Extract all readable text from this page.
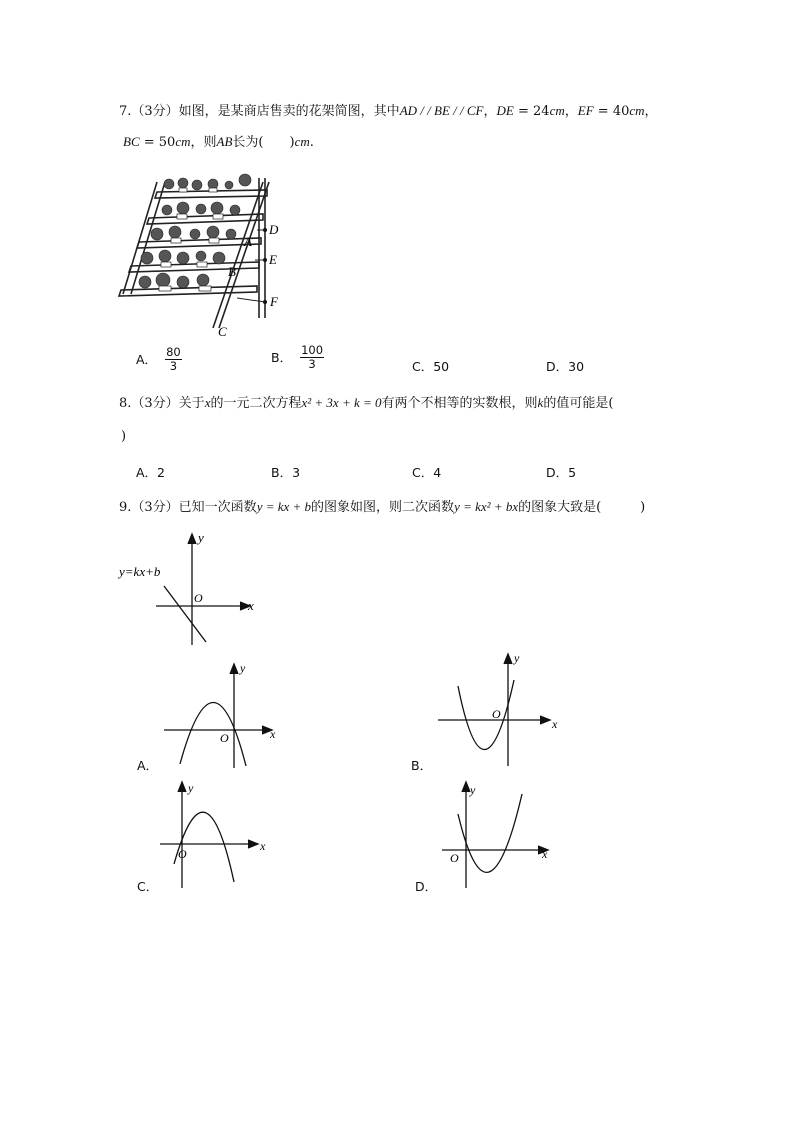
7.（3分）如图，是某商店售卖的花架简图，其中AD / / BE / / CF，DE = 24cm，EF = 40cm，
BC = 50cm，则AB长为(　　)cm.
D
E
F
A
B
C
A． $\frac{80}{3}$	B． $\frac{100}{3}$	C．50	D．30
8.（3分）关于x的一元二次方程x² + 3x + k = 0有两个不相等的实数根，则k的值可能是(
)
A．2	B．3	C．4	D．5
9.（3分）已知一次函数y = kx + b的图象如图，则二次函数y = kx² + bx的图象大致是(　　　)
y
x
O
y=kx+b
y
x
O
A．
y
x
O
B．
y
x
O
C．
y
x
O
D．
